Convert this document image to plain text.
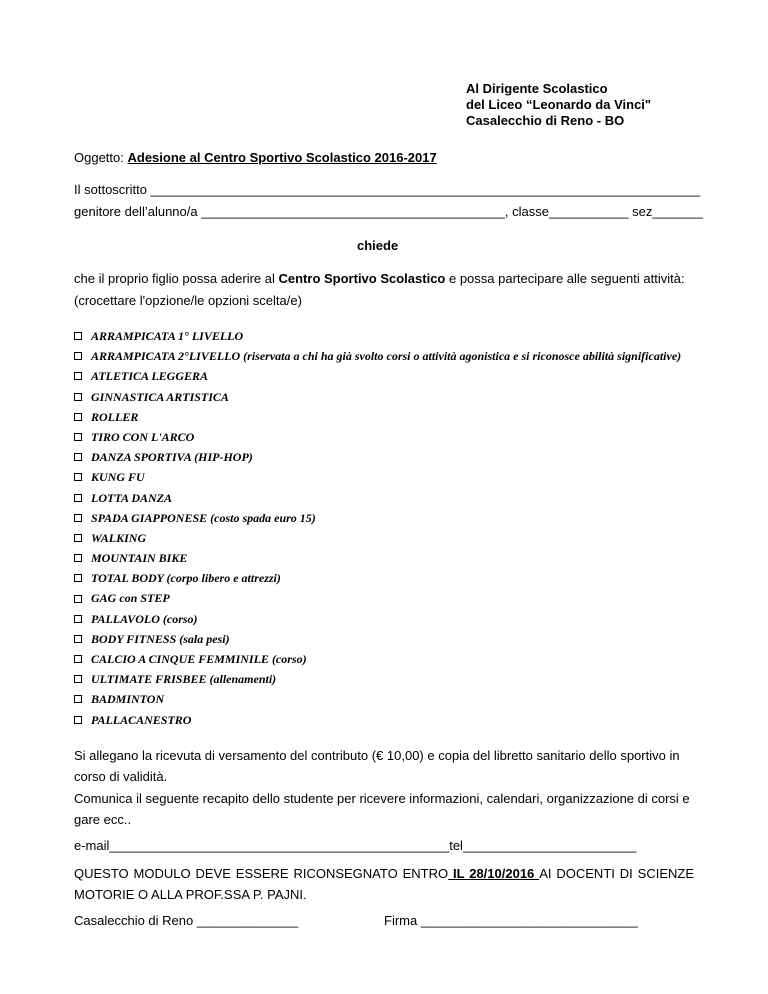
Al Dirigente Scolastico
del Liceo “Leonardo da Vinci"
Casalecchio di Reno - BO
Oggetto: Adesione al Centro Sportivo Scolastico 2016-2017
Il sottoscritto ____________________________________________________________________________
genitore dell’alunno/a __________________________________________, classe___________ sez_______
chiede
che il proprio figlio possa aderire al Centro Sportivo Scolastico e possa partecipare alle seguenti attività:
(crocettare l'opzione/le opzioni scelta/e)
ARRAMPICATA 1° LIVELLO
ARRAMPICATA 2°LIVELLO (riservata a chi ha già svolto corsi o attività agonistica e si riconosce abilità significative)
ATLETICA LEGGERA
GINNASTICA ARTISTICA
ROLLER
TIRO CON L'ARCO
DANZA SPORTIVA (HIP-HOP)
KUNG FU
LOTTA DANZA
SPADA GIAPPONESE (costo spada euro 15)
WALKING
MOUNTAIN BIKE
TOTAL BODY (corpo libero e attrezzi)
GAG con STEP
PALLAVOLO (corso)
BODY FITNESS (sala pesi)
CALCIO A CINQUE FEMMINILE (corso)
ULTIMATE FRISBEE (allenamenti)
BADMINTON
PALLACANESTRO
Si allegano la ricevuta di versamento del contributo (€ 10,00) e copia del libretto sanitario dello sportivo in
corso di validità.
Comunica il seguente recapito dello studente per ricevere informazioni, calendari, organizzazione di corsi e
gare ecc..
e-mail_______________________________________________tel________________________
QUESTO MODULO DEVE ESSERE RICONSEGNATO ENTRO IL 28/10/2016 AI DOCENTI DI SCIENZE
MOTORIE O ALLA PROF.SSA P. PAJNI.
Casalecchio di Reno ______________	Firma ______________________________
